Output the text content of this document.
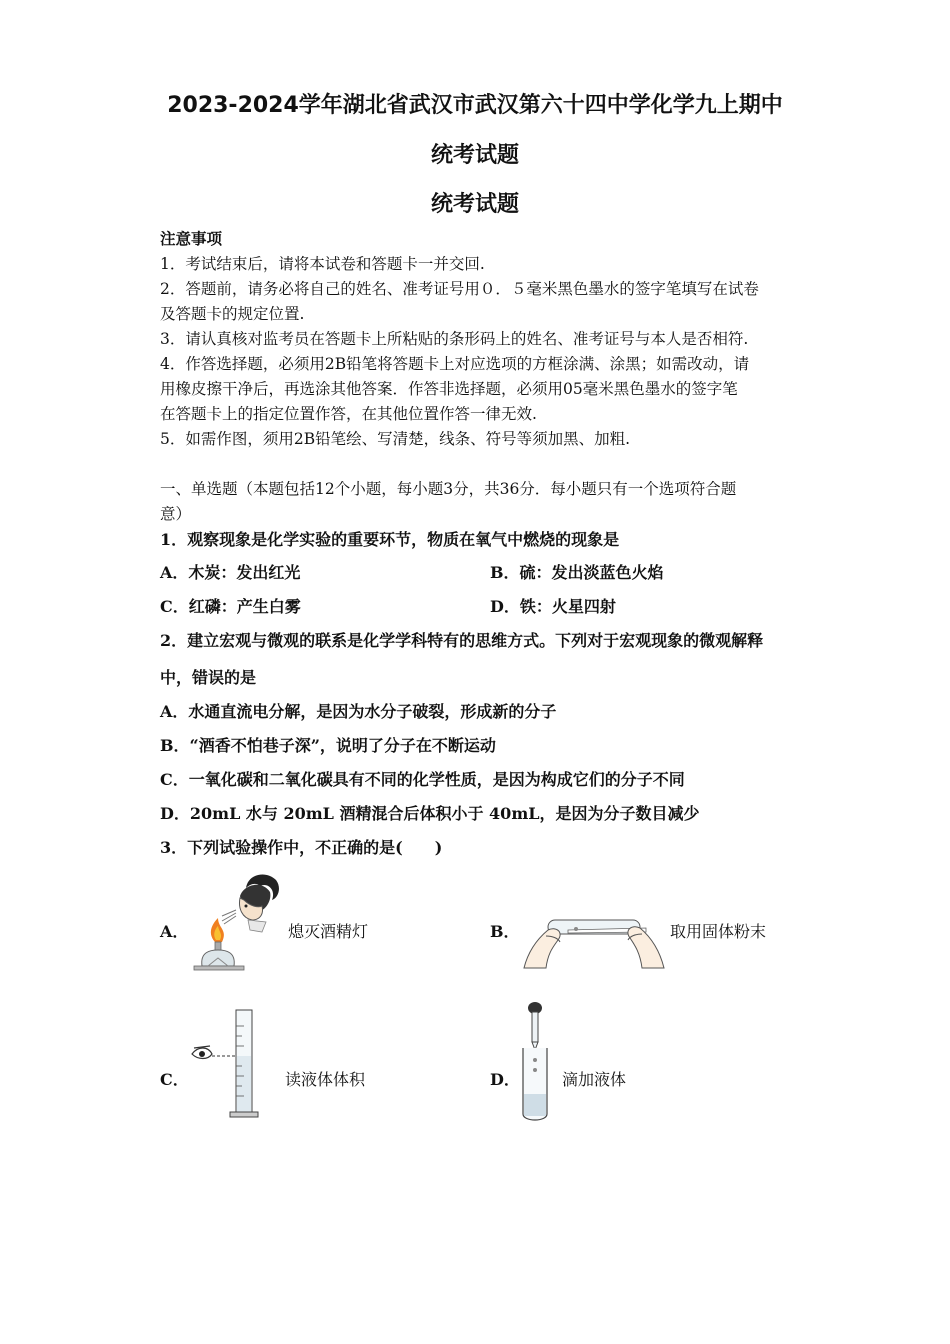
2023-2024学年湖北省武汉市武汉第六十四中学化学九上期中
统考试题
统考试题
注意事项
1．考试结束后，请将本试卷和答题卡一并交回.
2．答题前，请务必将自己的姓名、准考证号用０．５毫米黑色墨水的签字笔填写在试卷
及答题卡的规定位置.
3．请认真核对监考员在答题卡上所粘贴的条形码上的姓名、准考证号与本人是否相符.
4．作答选择题，必须用2B铅笔将答题卡上对应选项的方框涂满、涂黑；如需改动，请
用橡皮擦干净后，再选涂其他答案．作答非选择题，必须用05毫米黑色墨水的签字笔
在答题卡上的指定位置作答，在其他位置作答一律无效.
5．如需作图，须用2B铅笔绘、写清楚，线条、符号等须加黑、加粗.
一、单选题（本题包括12个小题，每小题3分，共36分．每小题只有一个选项符合题
意）
1．观察现象是化学实验的重要环节，物质在氧气中燃烧的现象是
A．木炭：发出红光	B．硫：发出淡蓝色火焰
C．红磷：产生白雾	D．铁：火星四射
2．建立宏观与微观的联系是化学学科特有的思维方式。下列对于宏观现象的微观解释
中，错误的是
A．水通直流电分解，是因为水分子破裂，形成新的分子
B．“酒香不怕巷子深”，说明了分子在不断运动
C．一氧化碳和二氧化碳具有不同的化学性质，是因为构成它们的分子不同
D．20mL 水与 20mL 酒精混合后体积小于 40mL，是因为分子数目减少
3．下列试验操作中，不正确的是(　　)
A．	熄灭酒精灯	B．	取用固体粉末
C．	读液体体积	D．	滴加液体
